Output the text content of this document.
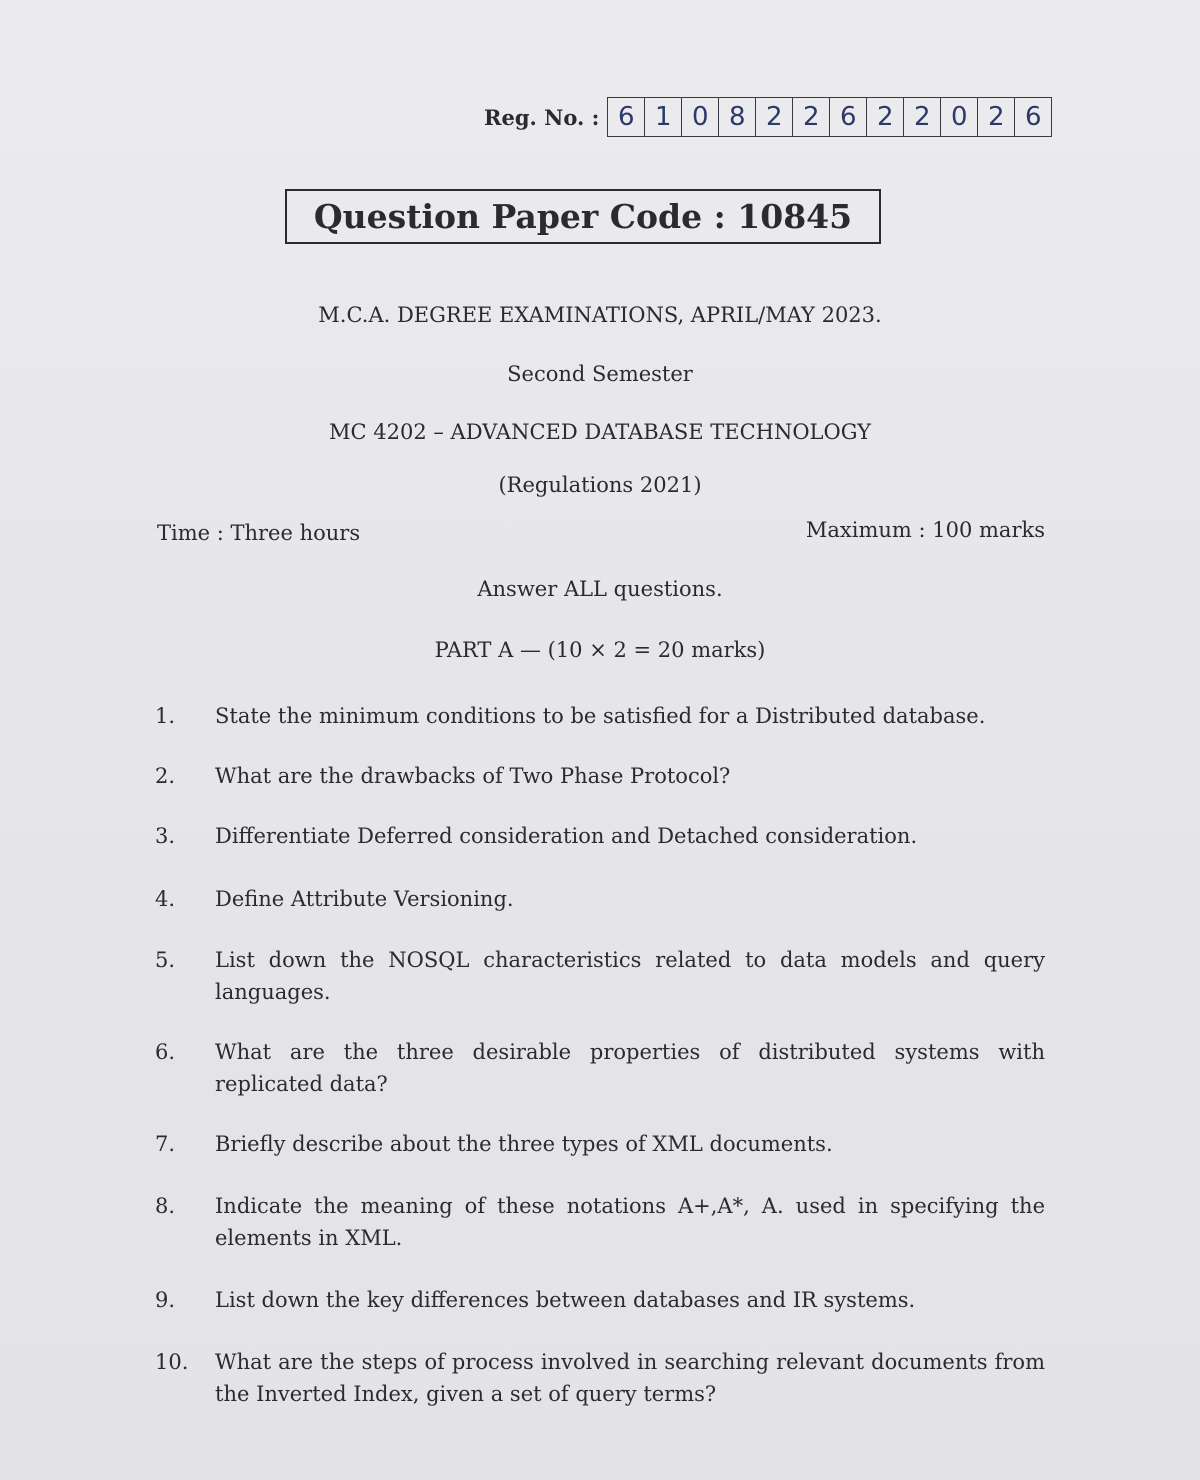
Reg. No. : 6 1 0 8 2 2 6 2 2 0 2 6
Question Paper Code : 10845
M.C.A. DEGREE EXAMINATIONS, APRIL/MAY 2023.
Second Semester
MC 4202 – ADVANCED DATABASE TECHNOLOGY
(Regulations 2021)
Time : Three hours	Maximum : 100 marks
Answer ALL questions.
PART A — (10 × 2 = 20 marks)
1.	State the minimum conditions to be satisfied for a Distributed database.
2.	What are the drawbacks of Two Phase Protocol?
3.	Differentiate Deferred consideration and Detached consideration.
4.	Define Attribute Versioning.
5.	List down the NOSQL characteristics related to data models and query languages.
6.	What are the three desirable properties of distributed systems with replicated data?
7.	Briefly describe about the three types of XML documents.
8.	Indicate the meaning of these notations A+,A*, A. used in specifying the elements in XML.
9.	List down the key differences between databases and IR systems.
10.	What are the steps of process involved in searching relevant documents from the Inverted Index, given a set of query terms?
